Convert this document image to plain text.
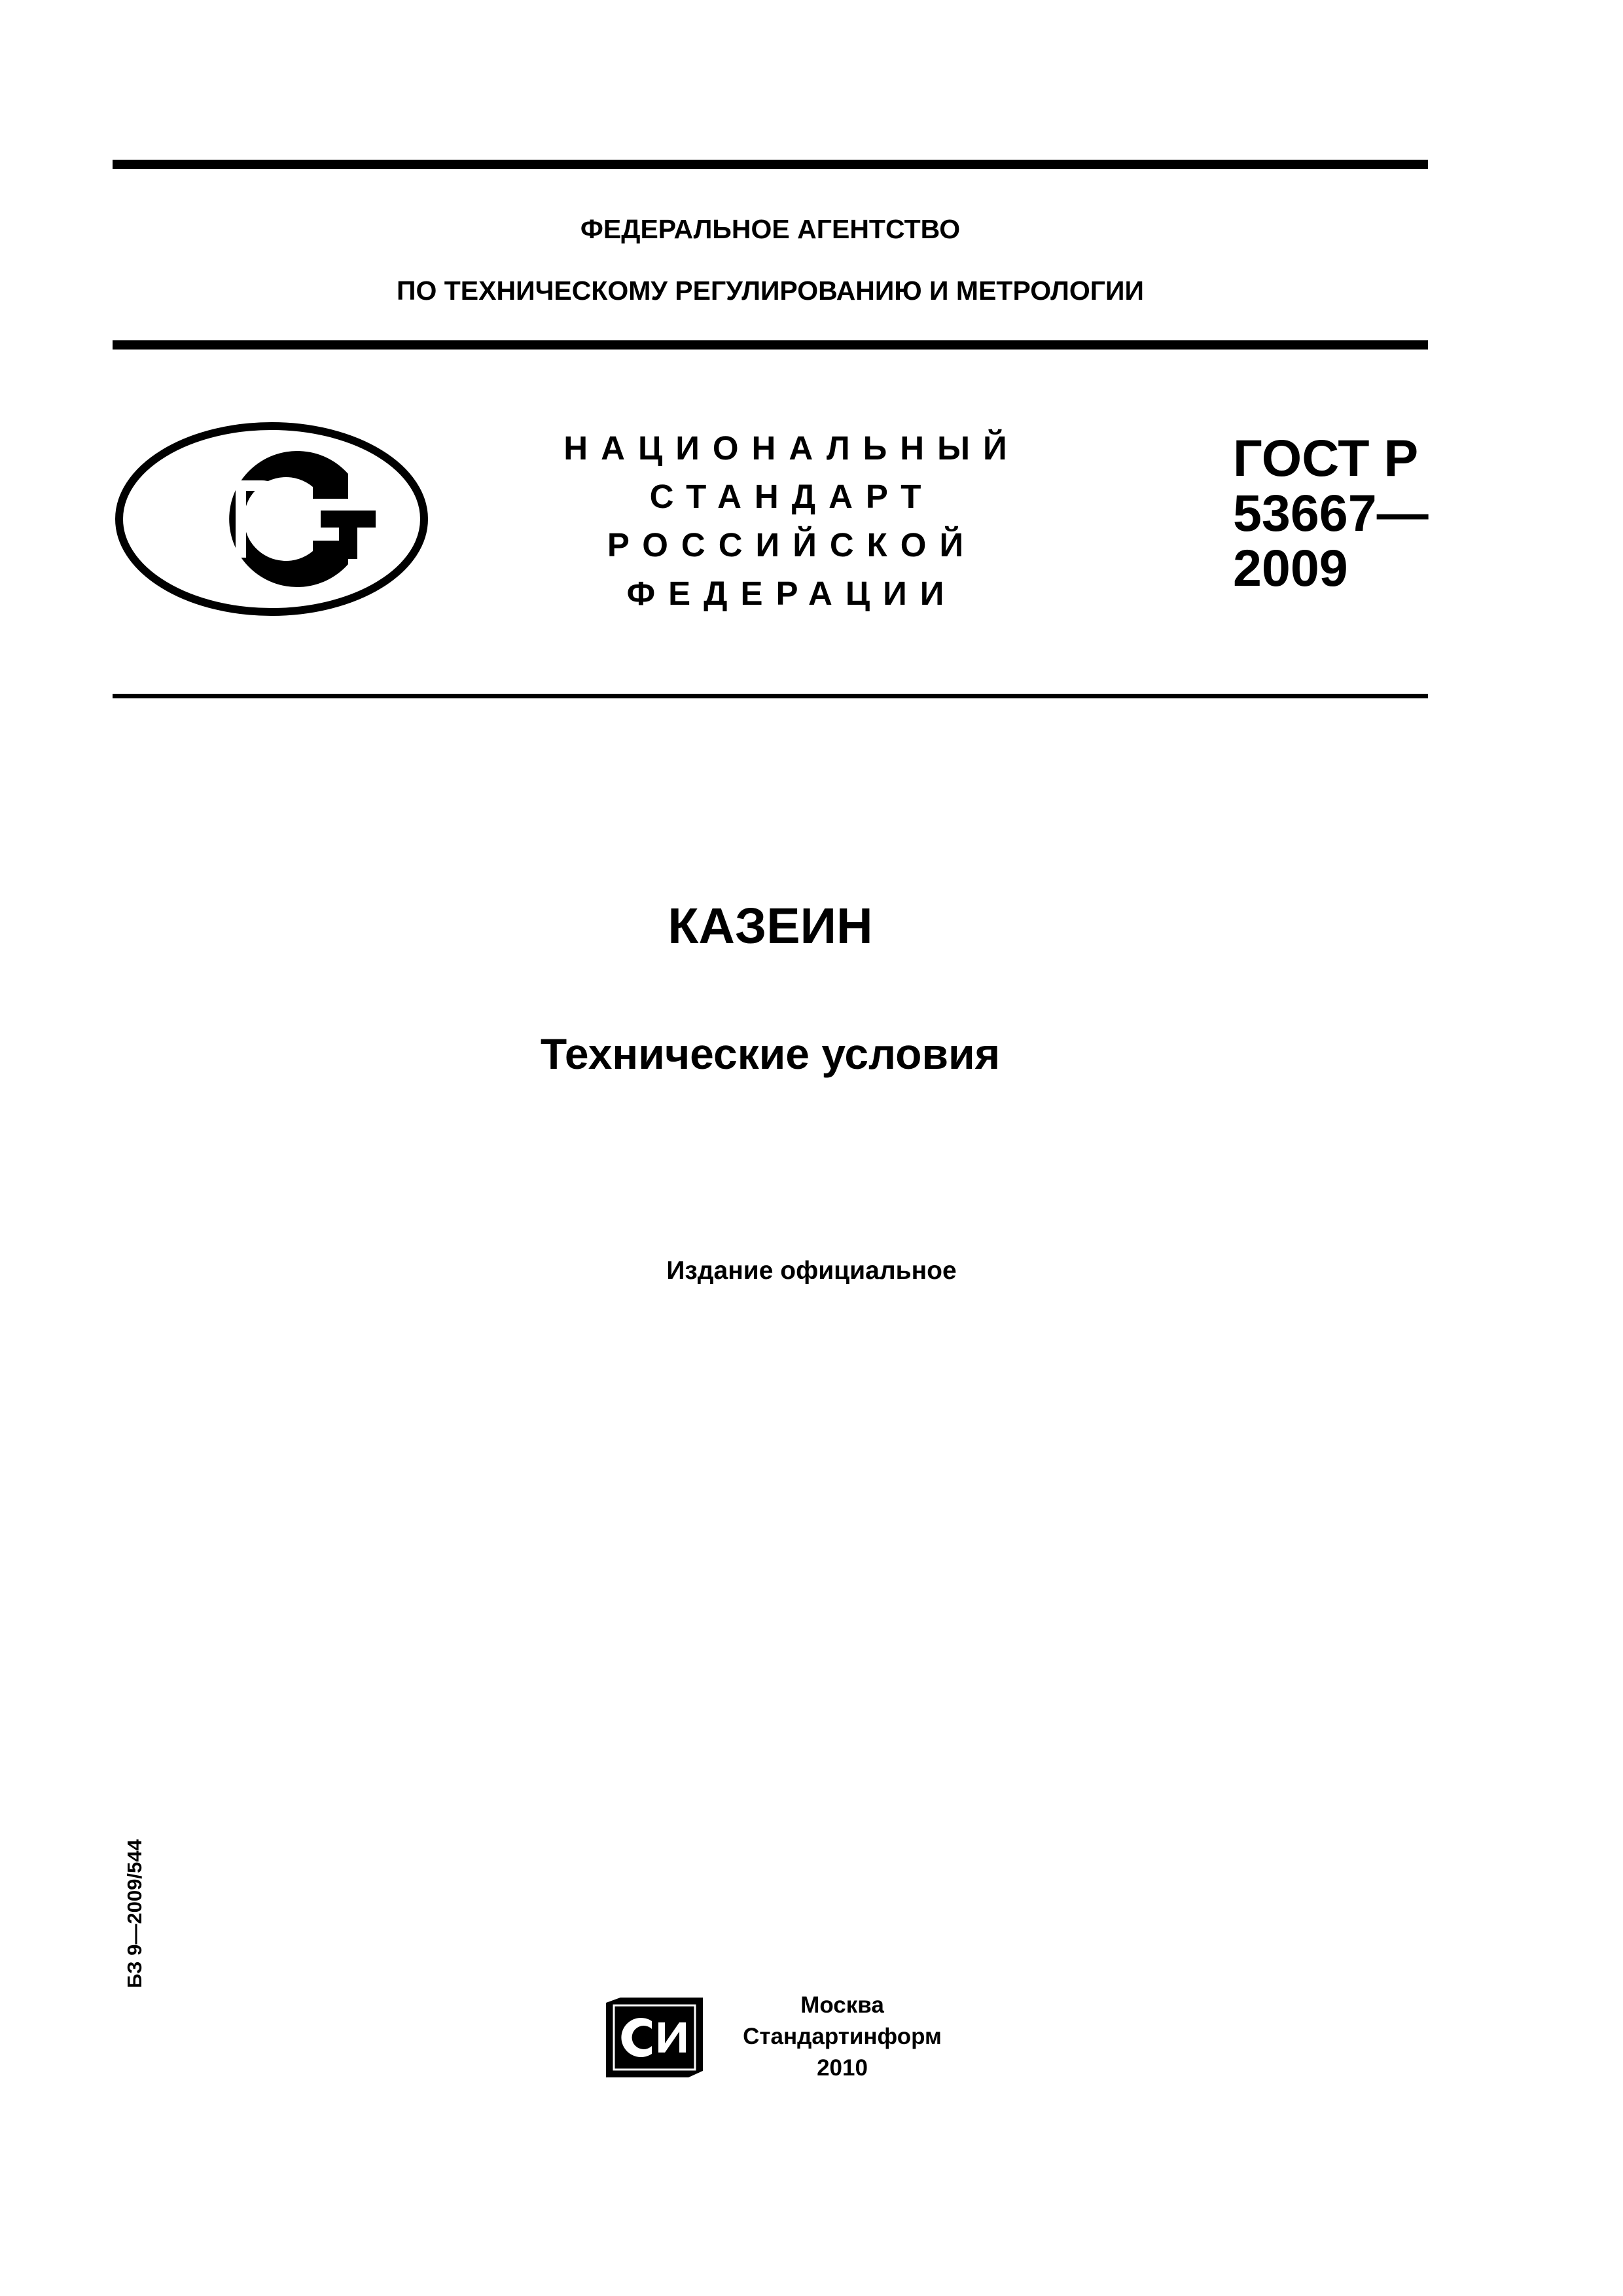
ФЕДЕРАЛЬНОЕ АГЕНТСТВО
ПО ТЕХНИЧЕСКОМУ РЕГУЛИРОВАНИЮ И МЕТРОЛОГИИ
НАЦИОНАЛЬНЫЙ
СТАНДАРТ
РОССИЙСКОЙ
ФЕДЕРАЦИИ
ГОСТ Р
53667—
2009
КАЗЕИН
Технические условия
Издание официальное
БЗ 9—2009/544
Москва
Стандартинформ
2010
